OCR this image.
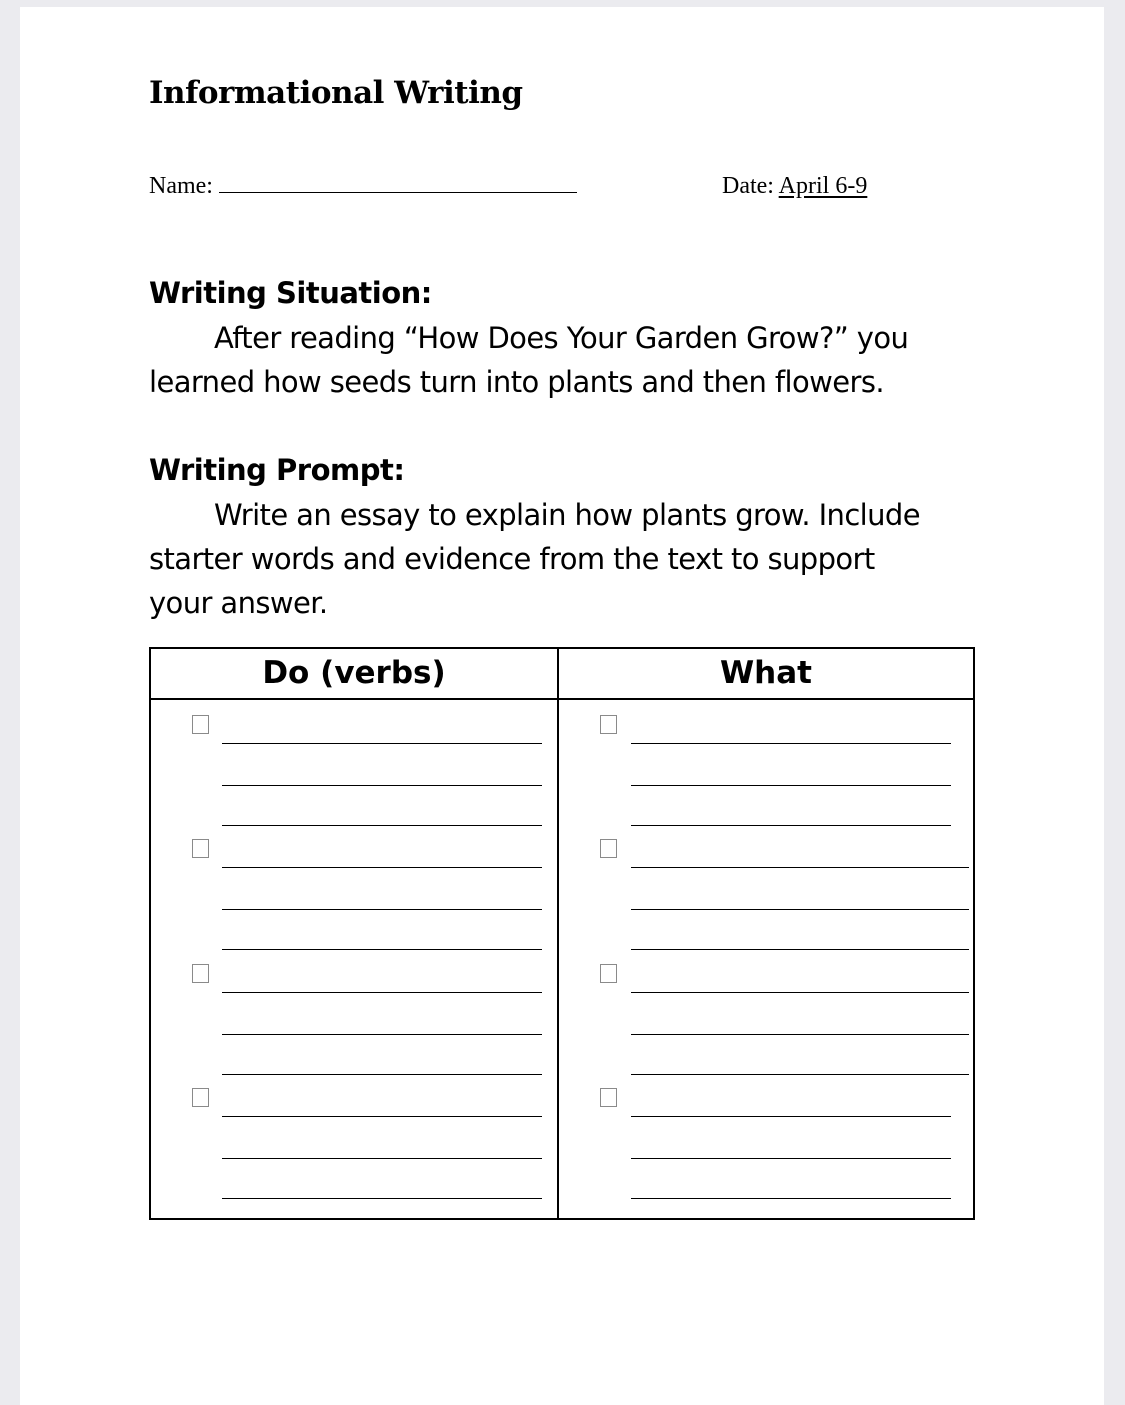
Informational Writing
Name:	Date: April 6-9
Writing Situation:
After reading “How Does Your Garden Grow?” you
learned how seeds turn into plants and then flowers.
Writing Prompt:
Write an essay to explain how plants grow. Include
starter words and evidence from the text to support
your answer.
Do (verbs)	What
